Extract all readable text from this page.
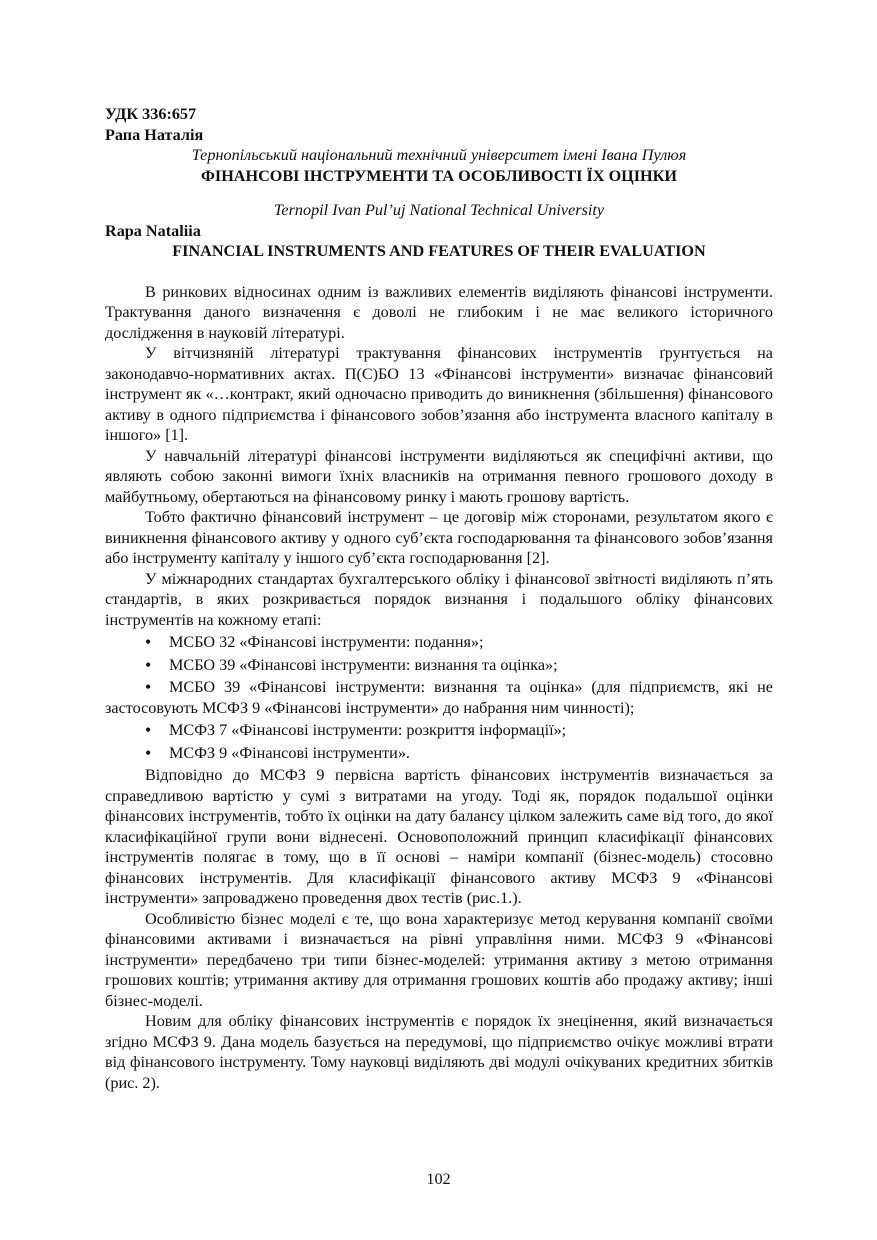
УДК 336:657

Рапа Наталія

Тернопільський національний технічний університет імені Івана Пулюя

ФІНАНСОВІ ІНСТРУМЕНТИ ТА ОСОБЛИВОСТІ ЇХ ОЦІНКИ

Ternopil Ivan Pul’uj National Technical University

Rapa Nataliia

FINANCIAL INSTRUMENTS AND FEATURES OF THEIR EVALUATION

В ринкових відносинах одним із важливих елементів виділяють фінансові інструменти. Трактування даного визначення є доволі не глибоким і не має великого історичного дослідження в науковій літературі.

У вітчизняній літературі трактування фінансових інструментів ґрунтується на законодавчо-нормативних актах. П(С)БО 13 «Фінансові інструменти» визначає фінансовий інструмент як «…контракт, який одночасно приводить до виникнення (збільшення) фінансового активу в одного підприємства і фінансового зобов’язання або інструмента власного капіталу в іншого» [1].

У навчальній літературі фінансові інструменти виділяються як специфічні активи, що являють собою законні вимоги їхніх власників на отримання певного грошового доходу в майбутньому, обертаються на фінансовому ринку і мають грошову вартість.

Тобто фактично фінансовий інструмент – це договір між сторонами, результатом якого є виникнення фінансового активу у одного суб’єкта господарювання та фінансового зобов’язання або інструменту капіталу у іншого суб’єкта господарювання [2].

У міжнародних стандартах бухгалтерського обліку і фінансової звітності виділяють п’ять стандартів, в яких розкривається порядок визнання і подальшого обліку фінансових інструментів на кожному етапі:

• МСБО 32 «Фінансові інструменти: подання»;
• МСБО 39 «Фінансові інструменти: визнання та оцінка»;
• МСБО 39 «Фінансові інструменти: визнання та оцінка» (для підприємств, які не застосовують МСФЗ 9 «Фінансові інструменти» до набрання ним чинності);
• МСФЗ 7 «Фінансові інструменти: розкриття інформації»;
• МСФЗ 9 «Фінансові інструменти».

Відповідно до МСФЗ 9 первісна вартість фінансових інструментів визначається за справедливою вартістю у сумі з витратами на угоду. Тоді як, порядок подальшої оцінки фінансових інструментів, тобто їх оцінки на дату балансу цілком залежить саме від того, до якої класифікаційної групи вони віднесені. Основоположний принцип класифікації фінансових інструментів полягає в тому, що в її основі – наміри компанії (бізнес-модель) стосовно фінансових інструментів. Для класифікації фінансового активу МСФЗ 9 «Фінансові інструменти» запроваджено проведення двох тестів (рис.1.).

Особливістю бізнес моделі є те, що вона характеризує метод керування компанії своїми фінансовими активами і визначається на рівні управління ними. МСФЗ 9 «Фінансові інструменти» передбачено три типи бізнес-моделей: утримання активу з метою отримання грошових коштів; утримання активу для отримання грошових коштів або продажу активу; інші бізнес-моделі.

Новим для обліку фінансових інструментів є порядок їх знецінення, який визначається згідно МСФЗ 9. Дана модель базується на передумові, що підприємство очікує можливі втрати від фінансового інструменту. Тому науковці виділяють дві модулі очікуваних кредитних збитків (рис. 2).

102
